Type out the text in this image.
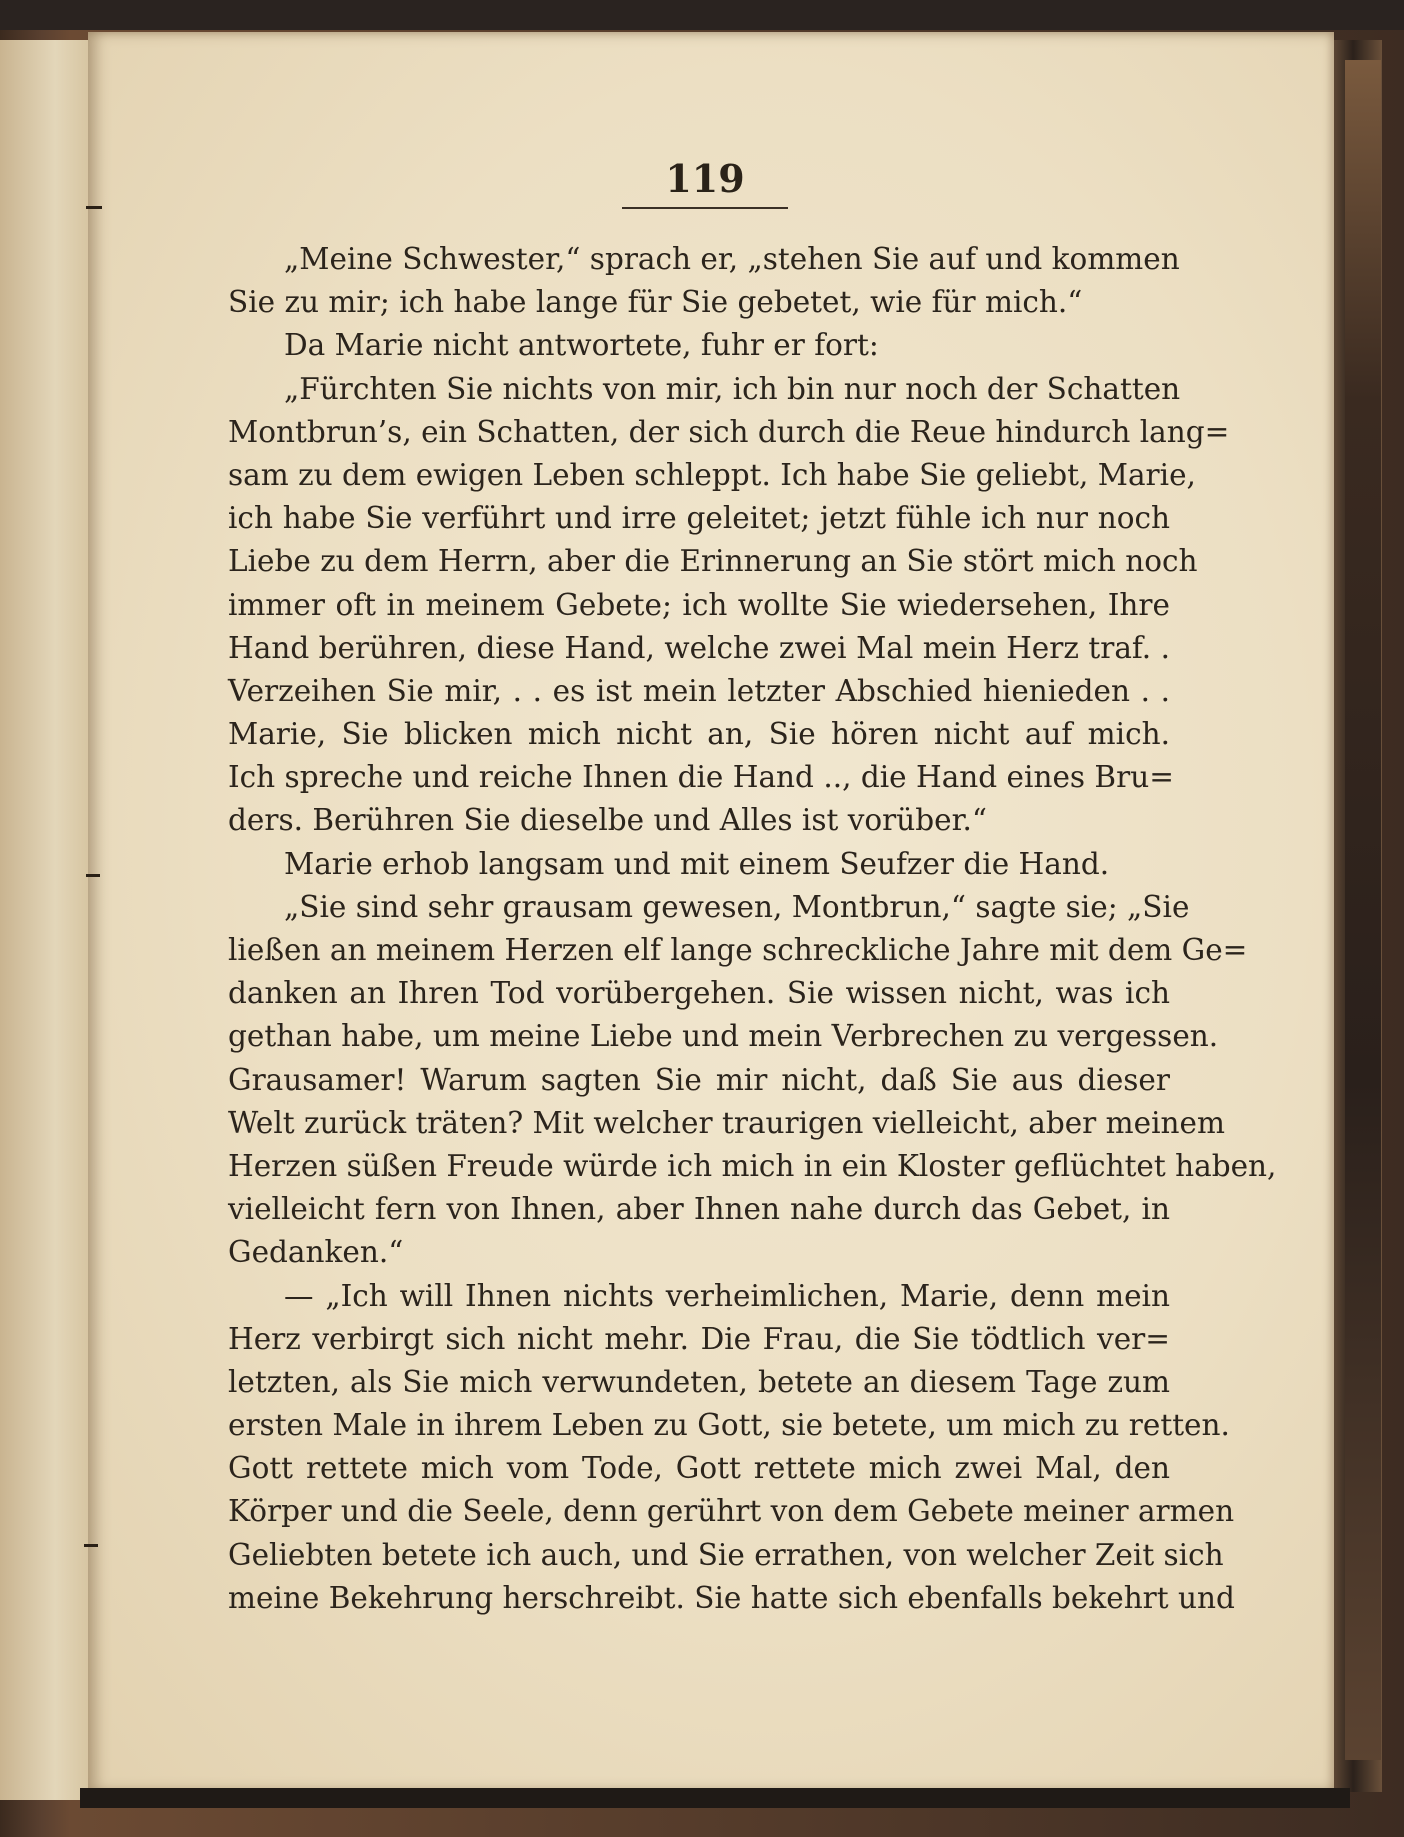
119
„Meine Schwester,“ sprach er, „stehen Sie auf und kommen
Sie zu mir; ich habe lange für Sie gebetet, wie für mich.“
Da Marie nicht antwortete, fuhr er fort:
„Fürchten Sie nichts von mir, ich bin nur noch der Schatten
Montbrun’s, ein Schatten, der sich durch die Reue hindurch lang=
sam zu dem ewigen Leben schleppt. Ich habe Sie geliebt, Marie,
ich habe Sie verführt und irre geleitet; jetzt fühle ich nur noch
Liebe zu dem Herrn, aber die Erinnerung an Sie stört mich noch
immer oft in meinem Gebete; ich wollte Sie wiedersehen, Ihre
Hand berühren, diese Hand, welche zwei Mal mein Herz traf. .
Verzeihen Sie mir, . . es ist mein letzter Abschied hienieden . .
Marie, Sie blicken mich nicht an, Sie hören nicht auf mich.
Ich spreche und reiche Ihnen die Hand .., die Hand eines Bru=
ders. Berühren Sie dieselbe und Alles ist vorüber.“
Marie erhob langsam und mit einem Seufzer die Hand.
„Sie sind sehr grausam gewesen, Montbrun,“ sagte sie; „Sie
ließen an meinem Herzen elf lange schreckliche Jahre mit dem Ge=
danken an Ihren Tod vorübergehen. Sie wissen nicht, was ich
gethan habe, um meine Liebe und mein Verbrechen zu vergessen.
Grausamer! Warum sagten Sie mir nicht, daß Sie aus dieser
Welt zurück träten? Mit welcher traurigen vielleicht, aber meinem
Herzen süßen Freude würde ich mich in ein Kloster geflüchtet haben,
vielleicht fern von Ihnen, aber Ihnen nahe durch das Gebet, in
Gedanken.“
— „Ich will Ihnen nichts verheimlichen, Marie, denn mein
Herz verbirgt sich nicht mehr. Die Frau, die Sie tödtlich ver=
letzten, als Sie mich verwundeten, betete an diesem Tage zum
ersten Male in ihrem Leben zu Gott, sie betete, um mich zu retten.
Gott rettete mich vom Tode, Gott rettete mich zwei Mal, den
Körper und die Seele, denn gerührt von dem Gebete meiner armen
Geliebten betete ich auch, und Sie errathen, von welcher Zeit sich
meine Bekehrung herschreibt. Sie hatte sich ebenfalls bekehrt und
